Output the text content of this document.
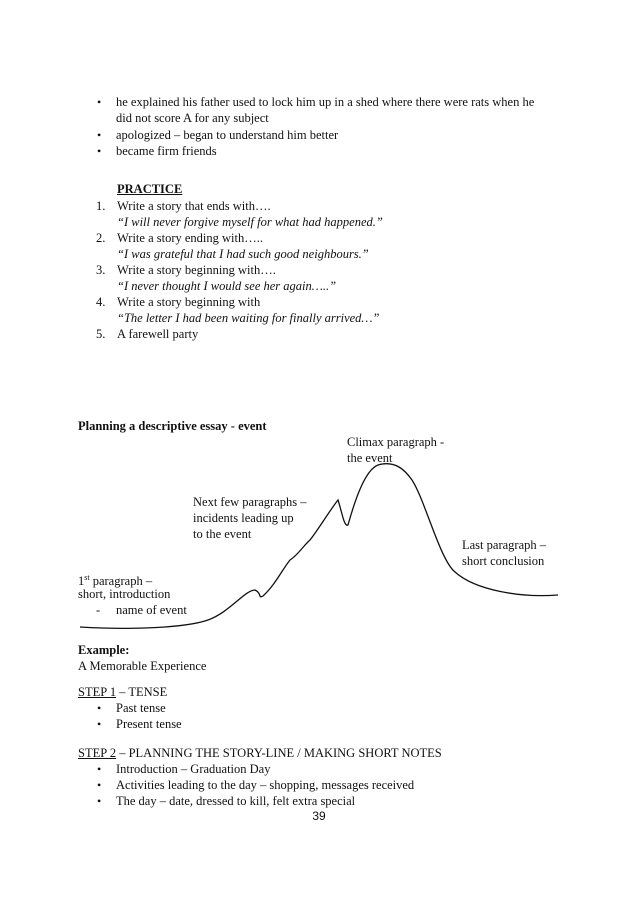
• he explained his father used to lock him up in a shed where there were rats when he
did not score A for any subject
• apologized – began to understand him better
• became firm friends
PRACTICE
1. Write a story that ends with….
“I will never forgive myself for what had happened.”
2. Write a story ending with…..
“I was grateful that I had such good neighbours.”
3. Write a story beginning with….
“I never thought I would see her again…..”
4. Write a story beginning with
“The letter I had been waiting for finally arrived…”
5. A farewell party
Planning a descriptive essay - event
Climax paragraph -
the event
Next few paragraphs –
incidents leading up
to the event
Last paragraph –
short conclusion
1st paragraph –
short, introduction
- name of event
Example:
A Memorable Experience
STEP 1 – TENSE
• Past tense
• Present tense
STEP 2 – PLANNING THE STORY-LINE / MAKING SHORT NOTES
• Introduction – Graduation Day
• Activities leading to the day – shopping, messages received
• The day – date, dressed to kill, felt extra special
39
